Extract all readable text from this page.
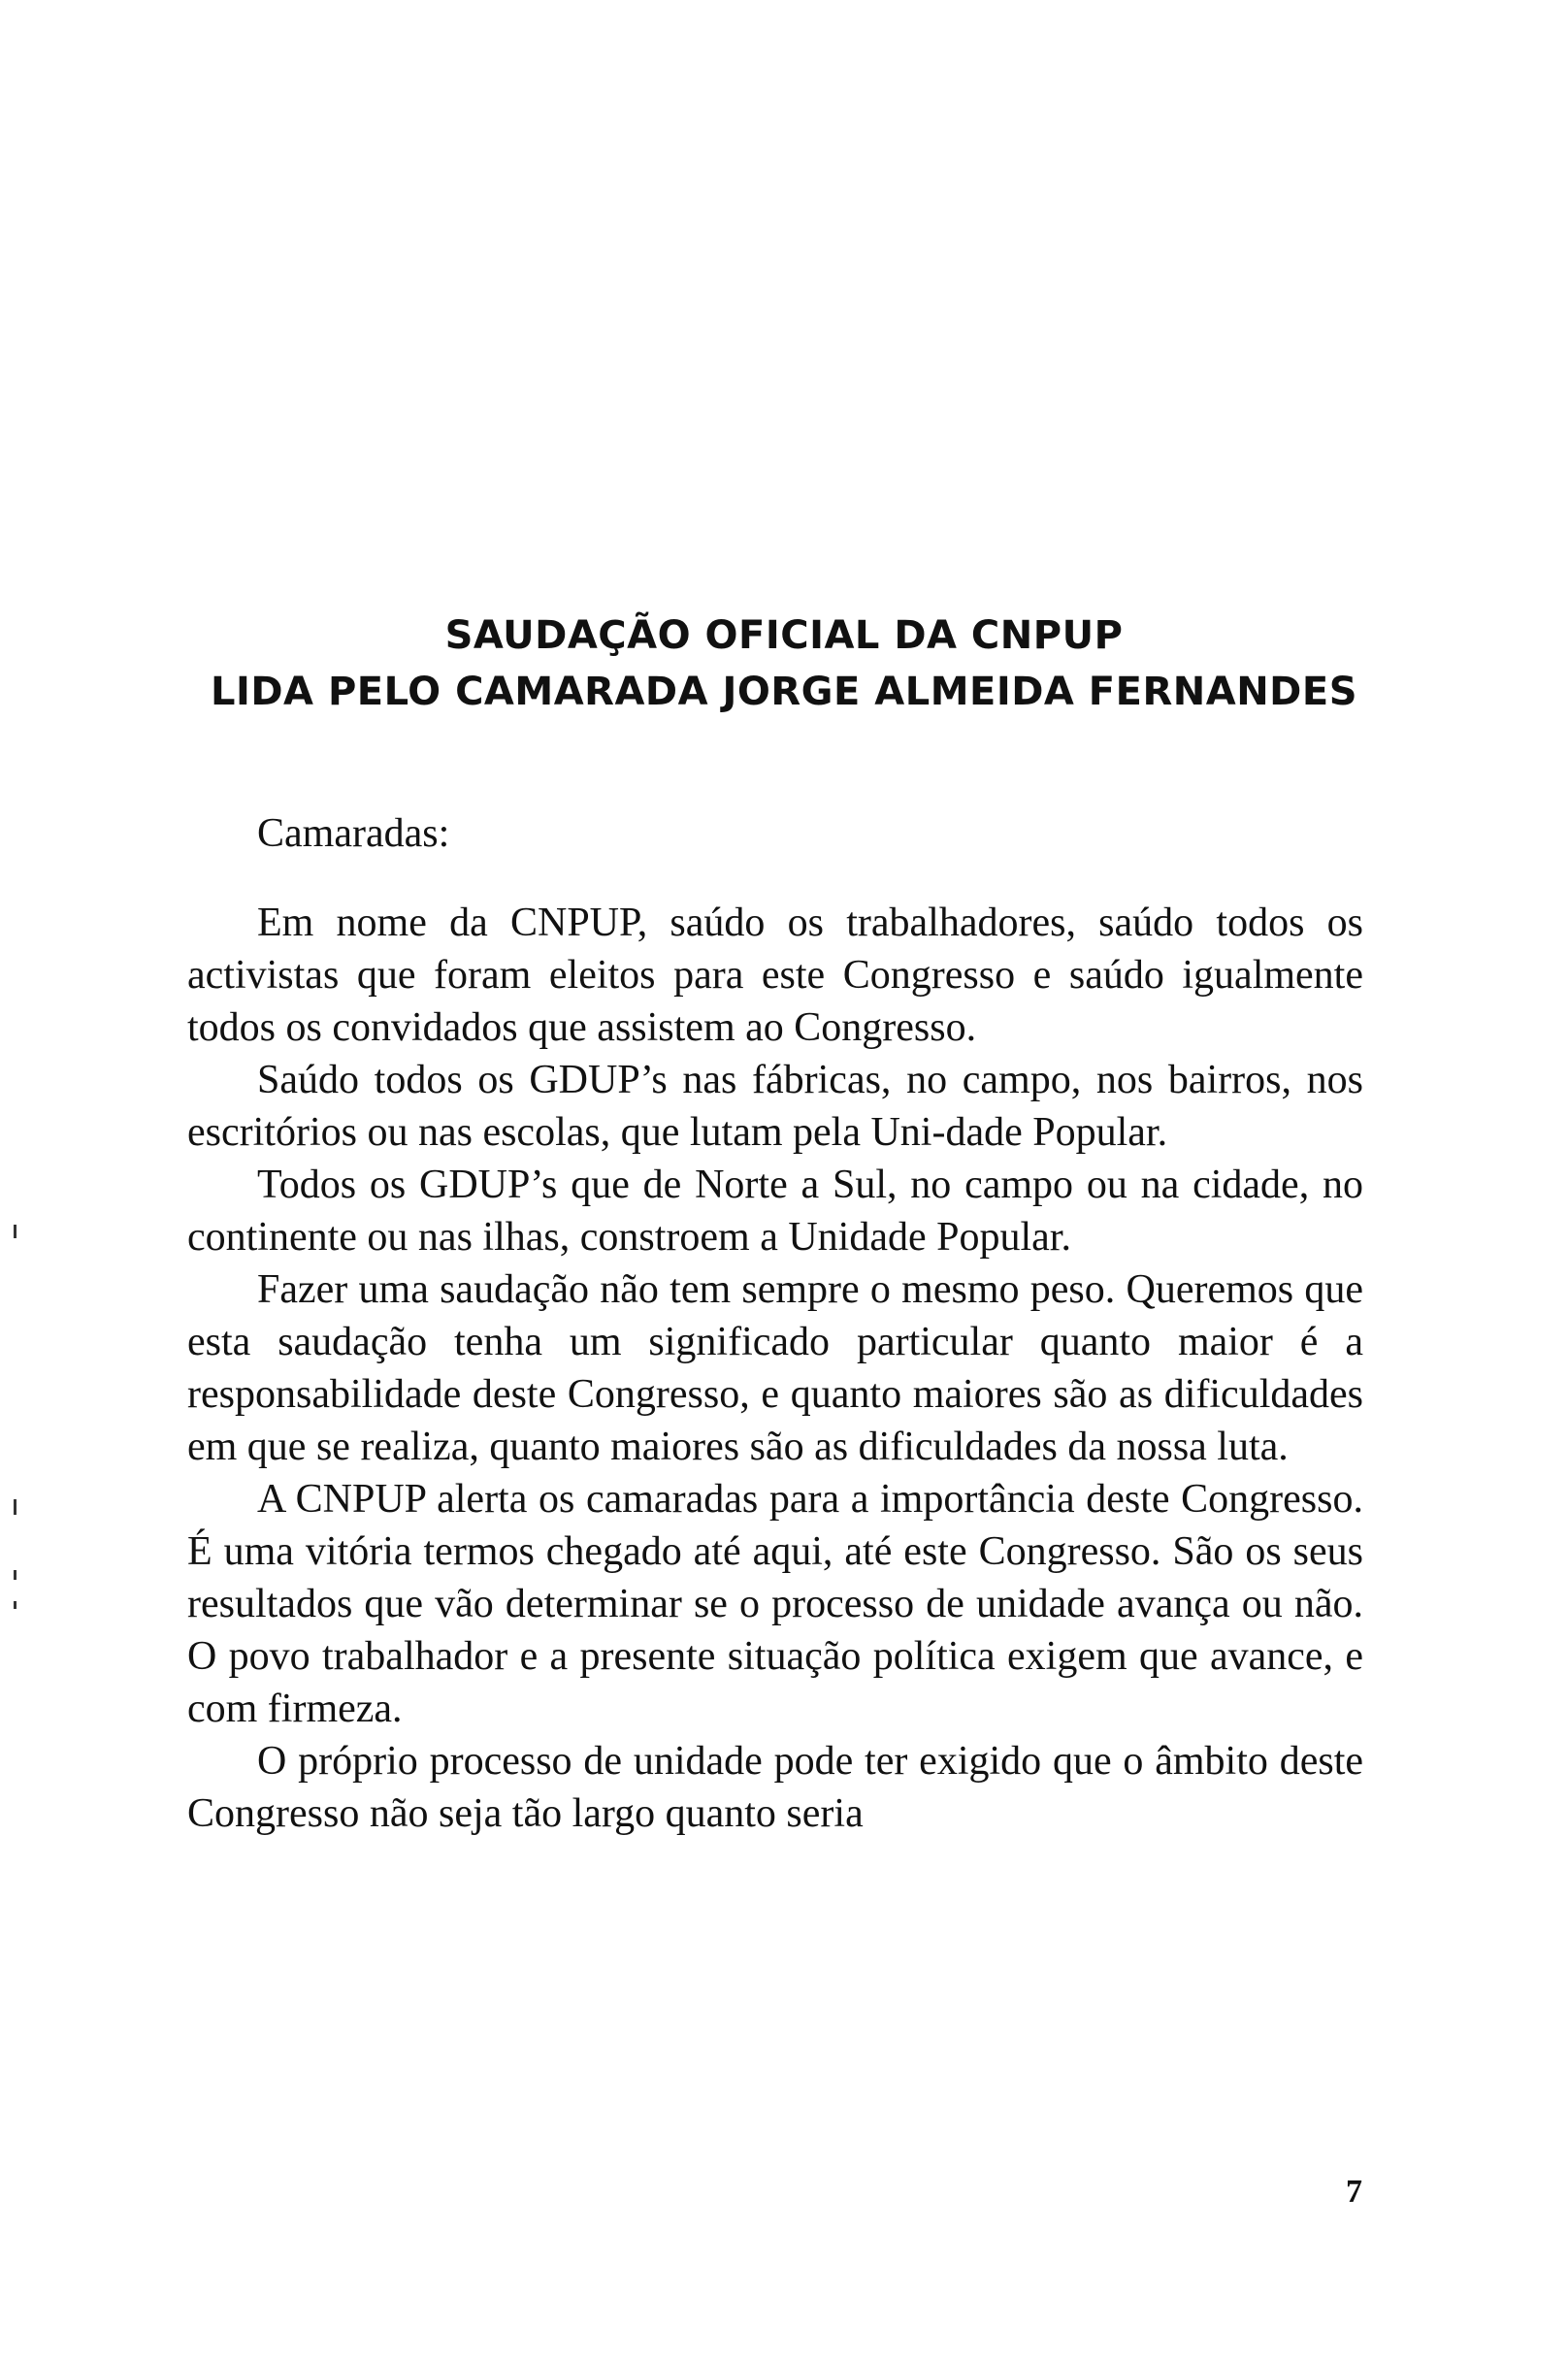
SAUDAÇÃO OFICIAL DA CNPUP
LIDA PELO CAMARADA JORGE ALMEIDA FERNANDES
Camaradas:

Em nome da CNPUP, saúdo os trabalhadores, saúdo todos os activistas que foram eleitos para este Congresso e saúdo igualmente todos os convidados que assistem ao Congresso.

Saúdo todos os GDUP’s nas fábricas, no campo, nos bairros, nos escritórios ou nas escolas, que lutam pela Uni-dade Popular.

Todos os GDUP’s que de Norte a Sul, no campo ou na cidade, no continente ou nas ilhas, constroem a Unidade Popular.

Fazer uma saudação não tem sempre o mesmo peso. Queremos que esta saudação tenha um significado particular quanto maior é a responsabilidade deste Congresso, e quanto maiores são as dificuldades em que se realiza, quanto maiores são as dificuldades da nossa luta.

A CNPUP alerta os camaradas para a importância deste Congresso. É uma vitória termos chegado até aqui, até este Congresso. São os seus resultados que vão determinar se o processo de unidade avança ou não. O povo trabalhador e a presente situação política exigem que avance, e com firmeza.

O próprio processo de unidade pode ter exigido que o âmbito deste Congresso não seja tão largo quanto seria

7
